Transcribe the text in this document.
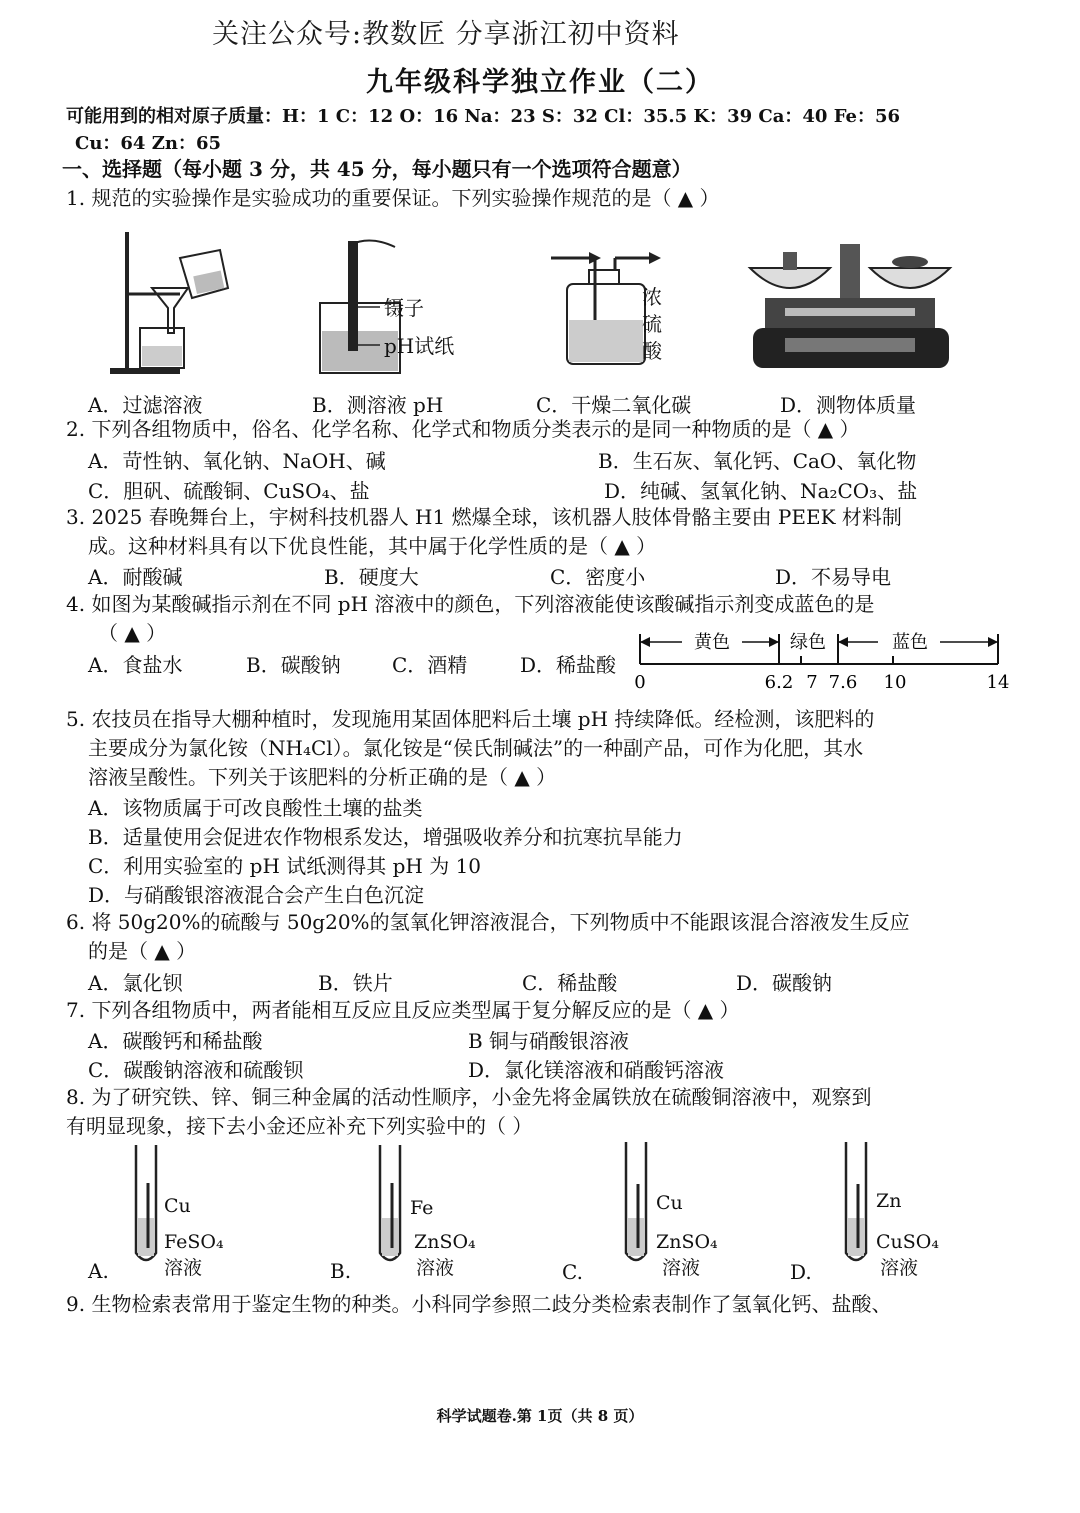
关注公众号:教数匠 分享浙江初中资料
九年级科学独立作业（二）
可能用到的相对原子质量：H：1 C：12 O：16 Na：23 S：32 Cl：35.5 K：39 Ca：40 Fe：56
Cu：64 Zn：65
一、选择题（每小题 3 分，共 45 分，每小题只有一个选项符合题意）
1. 规范的实验操作是实验成功的重要保证。下列实验操作规范的是（ ▲ ）
镊子
pH试纸
浓
硫
酸
A．过滤溶液	B．测溶液 pH	C．干燥二氧化碳	D．测物体质量
2. 下列各组物质中，俗名、化学名称、化学式和物质分类表示的是同一种物质的是（ ▲ ）
A．苛性钠、氧化钠、NaOH、碱	B．生石灰、氧化钙、CaO、氧化物
C．胆矾、硫酸铜、CuSO₄、盐	D．纯碱、氢氧化钠、Na₂CO₃、盐
3. 2025 春晚舞台上，宇树科技机器人 H1 燃爆全球，该机器人肢体骨骼主要由 PEEK 材料制
成。这种材料具有以下优良性能，其中属于化学性质的是（ ▲ ）
A．耐酸碱	B．硬度大	C．密度小	D．不易导电
4. 如图为某酸碱指示剂在不同 pH 溶液中的颜色，下列溶液能使该酸碱指示剂变成蓝色的是
（ ▲ ）
A．食盐水	B．碳酸钠	C．酒精	D．稀盐酸
黄色	绿色	蓝色
0	6.2 7 7.6 10	14
5. 农技员在指导大棚种植时，发现施用某固体肥料后土壤 pH 持续降低。经检测，该肥料的
主要成分为氯化铵（NH₄Cl）。氯化铵是“侯氏制碱法”的一种副产品，可作为化肥，其水
溶液呈酸性。下列关于该肥料的分析正确的是（ ▲ ）
A．该物质属于可改良酸性土壤的盐类
B．适量使用会促进农作物根系发达，增强吸收养分和抗寒抗旱能力
C．利用实验室的 pH 试纸测得其 pH 为 10
D．与硝酸银溶液混合会产生白色沉淀
6. 将 50g20%的硫酸与 50g20%的氢氧化钾溶液混合，下列物质中不能跟该混合溶液发生反应
的是（ ▲ ）
A．氯化钡	B．铁片	C．稀盐酸	D．碳酸钠
7. 下列各组物质中，两者能相互反应且反应类型属于复分解反应的是（ ▲ ）
A．碳酸钙和稀盐酸	B 铜与硝酸银溶液
C．碳酸钠溶液和硫酸钡	D．氯化镁溶液和硝酸钙溶液
8. 为了研究铁、锌、铜三种金属的活动性顺序，小金先将金属铁放在硫酸铜溶液中，观察到
有明显现象，接下去小金还应补充下列实验中的（ ）
Cu
FeSO₄
溶液
A.
Fe
ZnSO₄
溶液
B.
Cu
ZnSO₄
溶液
C.
Zn
CuSO₄
溶液
D.
9. 生物检索表常用于鉴定生物的种类。小科同学参照二歧分类检索表制作了氢氧化钙、盐酸、
科学试题卷.第 1页（共 8 页）
